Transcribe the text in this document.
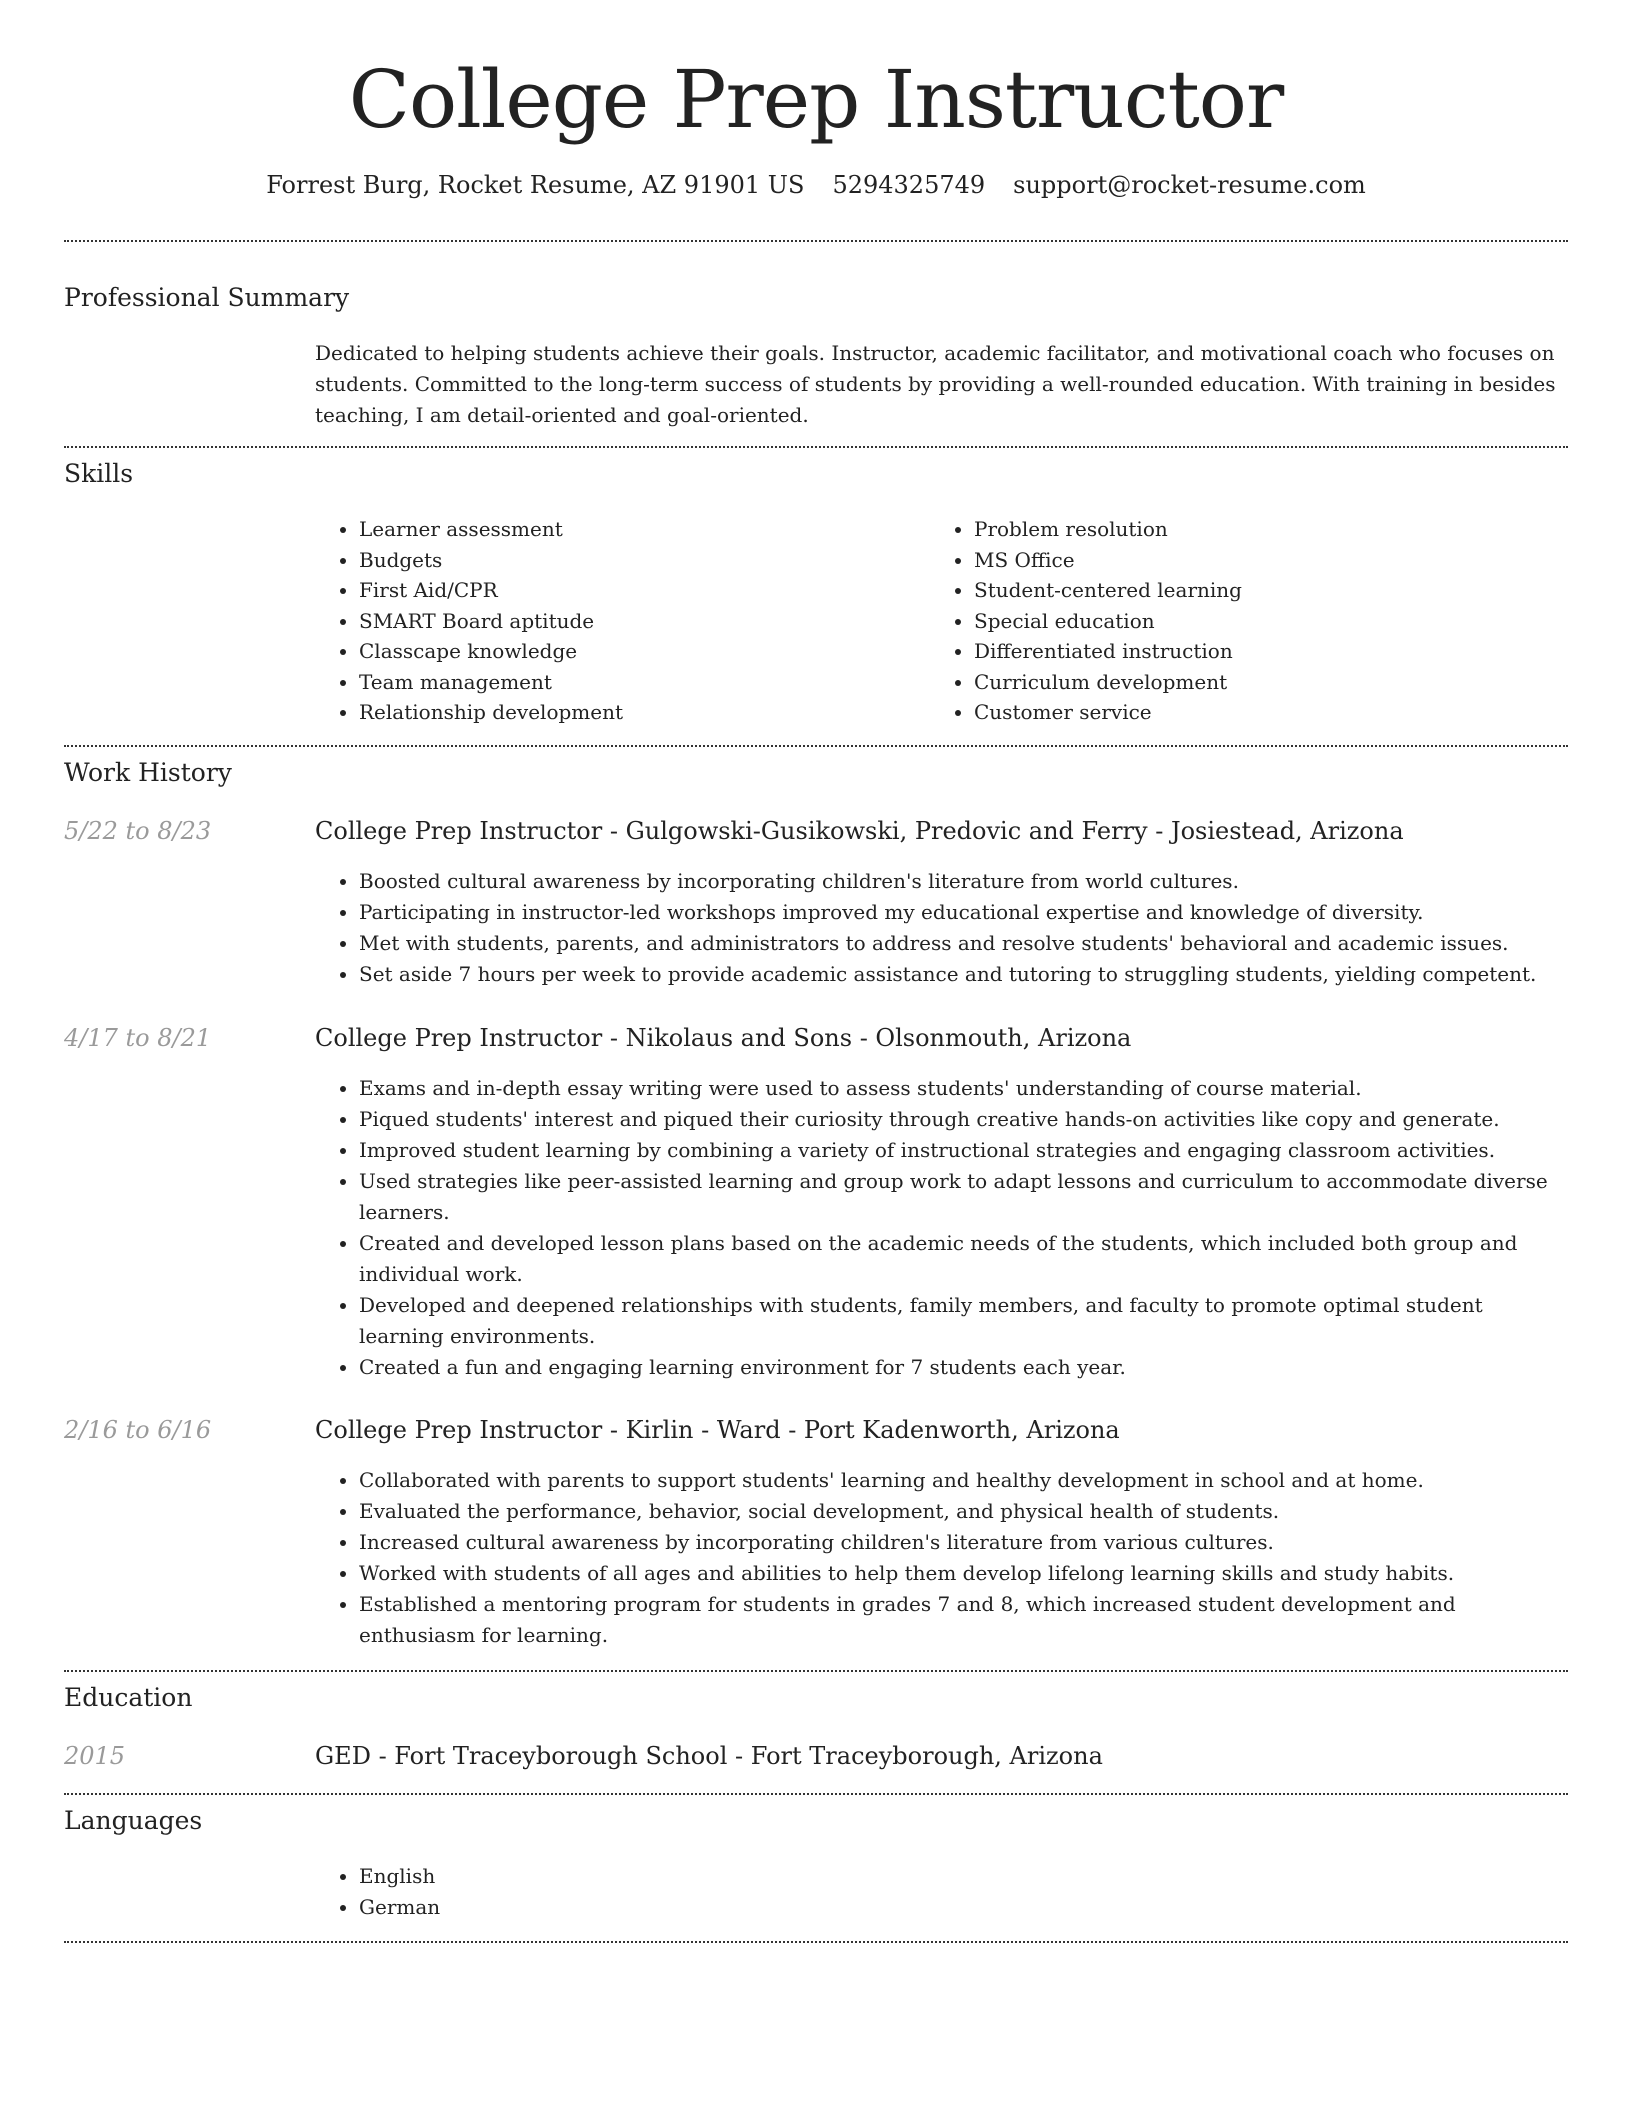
College Prep Instructor
Forrest Burg, Rocket Resume, AZ 91901 US 5294325749 support@rocket-resume.com
Professional Summary
Dedicated to helping students achieve their goals. Instructor, academic facilitator, and motivational coach who focuses on students. Committed to the long-term success of students by providing a well-rounded education. With training in besides teaching, I am detail-oriented and goal-oriented.
Skills
• Learner assessment
• Budgets
• First Aid/CPR
• SMART Board aptitude
• Classcape knowledge
• Team management
• Relationship development
• Problem resolution
• MS Office
• Student-centered learning
• Special education
• Differentiated instruction
• Curriculum development
• Customer service
Work History
5/22 to 8/23	College Prep Instructor - Gulgowski-Gusikowski, Predovic and Ferry - Josiestead, Arizona
• Boosted cultural awareness by incorporating children's literature from world cultures.
• Participating in instructor-led workshops improved my educational expertise and knowledge of diversity.
• Met with students, parents, and administrators to address and resolve students' behavioral and academic issues.
• Set aside 7 hours per week to provide academic assistance and tutoring to struggling students, yielding competent.
4/17 to 8/21	College Prep Instructor - Nikolaus and Sons - Olsonmouth, Arizona
• Exams and in-depth essay writing were used to assess students' understanding of course material.
• Piqued students' interest and piqued their curiosity through creative hands-on activities like copy and generate.
• Improved student learning by combining a variety of instructional strategies and engaging classroom activities.
• Used strategies like peer-assisted learning and group work to adapt lessons and curriculum to accommodate diverse learners.
• Created and developed lesson plans based on the academic needs of the students, which included both group and individual work.
• Developed and deepened relationships with students, family members, and faculty to promote optimal student learning environments.
• Created a fun and engaging learning environment for 7 students each year.
2/16 to 6/16	College Prep Instructor - Kirlin - Ward - Port Kadenworth, Arizona
• Collaborated with parents to support students' learning and healthy development in school and at home.
• Evaluated the performance, behavior, social development, and physical health of students.
• Increased cultural awareness by incorporating children's literature from various cultures.
• Worked with students of all ages and abilities to help them develop lifelong learning skills and study habits.
• Established a mentoring program for students in grades 7 and 8, which increased student development and enthusiasm for learning.
Education
2015	GED - Fort Traceyborough School - Fort Traceyborough, Arizona
Languages
• English
• German
